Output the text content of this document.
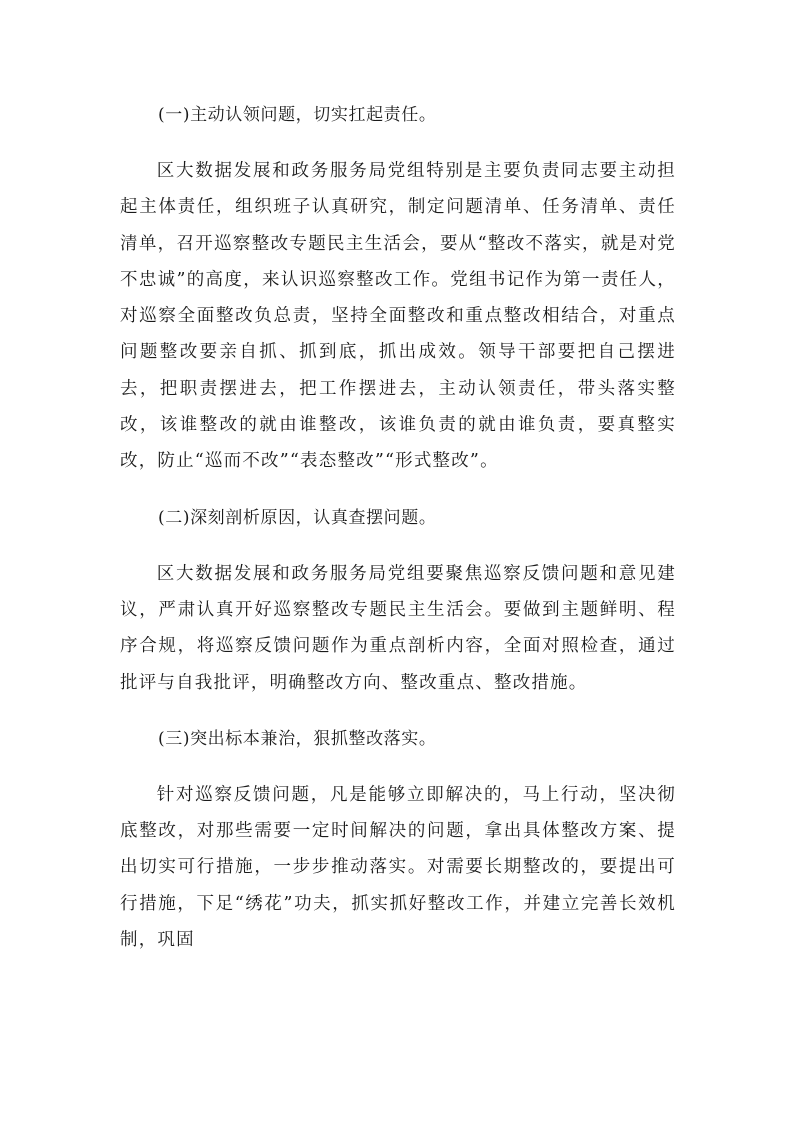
(一)主动认领问题，切实扛起责任。

区大数据发展和政务服务局党组特别是主要负责同志要主动担起主体责任，组织班子认真研究，制定问题清单、任务清单、责任清单，召开巡察整改专题民主生活会，要从“整改不落实，就是对党不忠诚”的高度，来认识巡察整改工作。党组书记作为第一责任人，对巡察全面整改负总责，坚持全面整改和重点整改相结合，对重点问题整改要亲自抓、抓到底，抓出成效。领导干部要把自己摆进去，把职责摆进去，把工作摆进去，主动认领责任，带头落实整改，该谁整改的就由谁整改，该谁负责的就由谁负责，要真整实改，防止“巡而不改”“表态整改”“形式整改”。

(二)深刻剖析原因，认真查摆问题。

区大数据发展和政务服务局党组要聚焦巡察反馈问题和意见建议，严肃认真开好巡察整改专题民主生活会。要做到主题鲜明、程序合规，将巡察反馈问题作为重点剖析内容，全面对照检查，通过批评与自我批评，明确整改方向、整改重点、整改措施。

(三)突出标本兼治，狠抓整改落实。

针对巡察反馈问题，凡是能够立即解决的，马上行动，坚决彻底整改，对那些需要一定时间解决的问题，拿出具体整改方案、提出切实可行措施，一步步推动落实。对需要长期整改的，要提出可行措施，下足“绣花”功夫，抓实抓好整改工作，并建立完善长效机制，巩固
